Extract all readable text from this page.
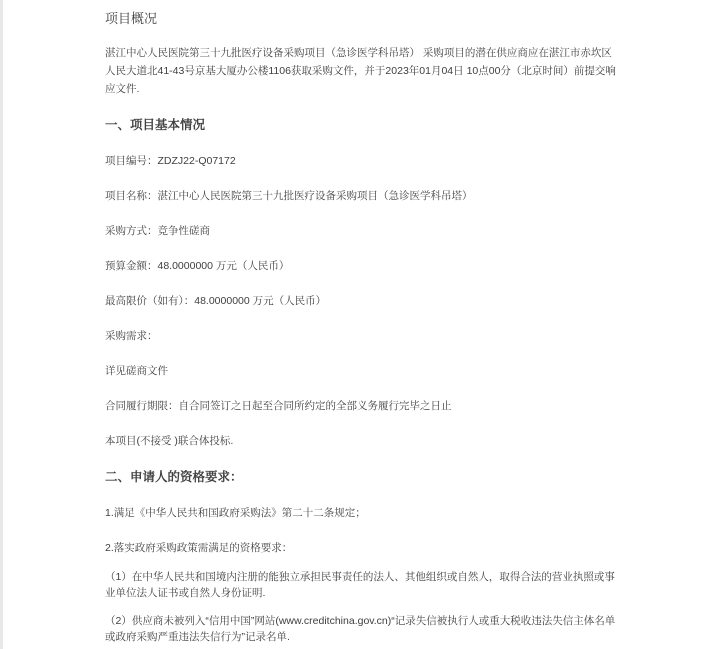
项目概况

湛江中心人民医院第三十九批医疗设备采购项目（急诊医学科吊塔） 采购项目的潜在供应商应在湛江市赤坎区人民大道北41-43号京基大厦办公楼1106获取采购文件，并于2023年01月04日 10点00分（北京时间）前提交响应文件.

一、项目基本情况

项目编号：ZDZJ22-Q07172

项目名称：湛江中心人民医院第三十九批医疗设备采购项目（急诊医学科吊塔）

采购方式：竞争性磋商

预算金额：48.0000000 万元（人民币）

最高限价（如有）：48.0000000 万元（人民币）

采购需求：

详见磋商文件

合同履行期限：自合同签订之日起至合同所约定的全部义务履行完毕之日止

本项目(不接受 )联合体投标.

二、申请人的资格要求：

1.满足《中华人民共和国政府采购法》第二十二条规定；

2.落实政府采购政策需满足的资格要求：

（1）在中华人民共和国境内注册的能独立承担民事责任的法人、其他组织或自然人，取得合法的营业执照或事业单位法人证书或自然人身份证明.

（2）供应商未被列入“信用中国”网站(www.creditchina.gov.cn)“记录失信被执行人或重大税收违法失信主体名单或政府采购严重违法失信行为”记录名单.
